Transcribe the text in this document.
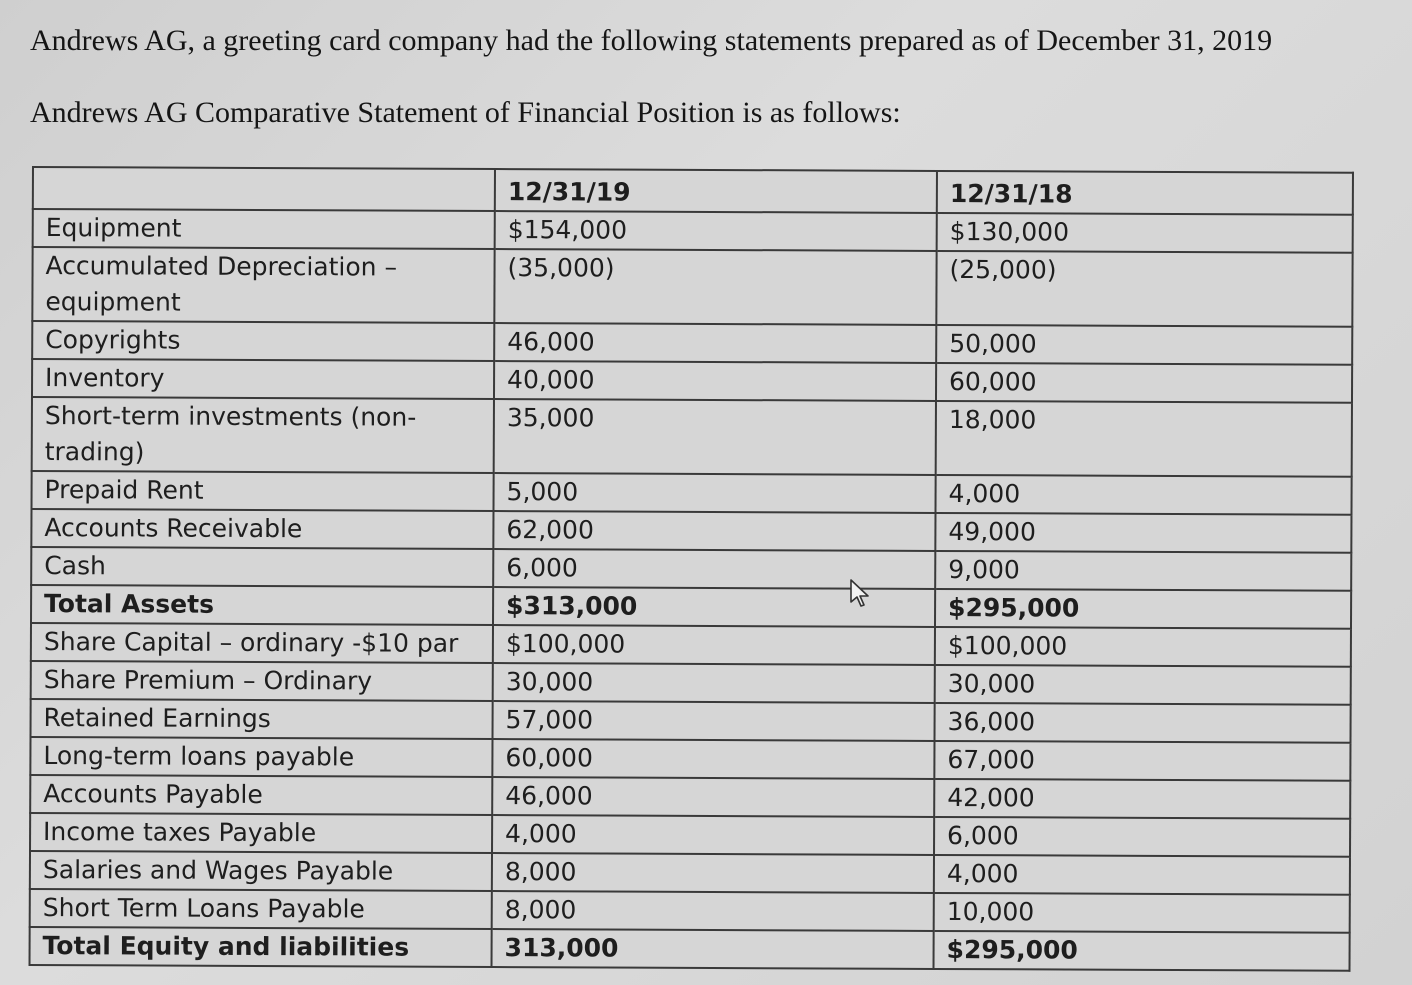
Andrews AG, a greeting card company had the following statements prepared as of December 31, 2019
Andrews AG Comparative Statement of Financial Position is as follows:
	12/31/19	12/31/18
Equipment	$154,000	$130,000
Accumulated Depreciation – equipment	(35,000)	(25,000)
Copyrights	46,000	50,000
Inventory	40,000	60,000
Short-term investments (non-trading)	35,000	18,000
Prepaid Rent	5,000	4,000
Accounts Receivable	62,000	49,000
Cash	6,000	9,000
Total Assets	$313,000	$295,000
Share Capital – ordinary -$10 par	$100,000	$100,000
Share Premium – Ordinary	30,000	30,000
Retained Earnings	57,000	36,000
Long-term loans payable	60,000	67,000
Accounts Payable	46,000	42,000
Income taxes Payable	4,000	6,000
Salaries and Wages Payable	8,000	4,000
Short Term Loans Payable	8,000	10,000
Total Equity and liabilities	313,000	$295,000
